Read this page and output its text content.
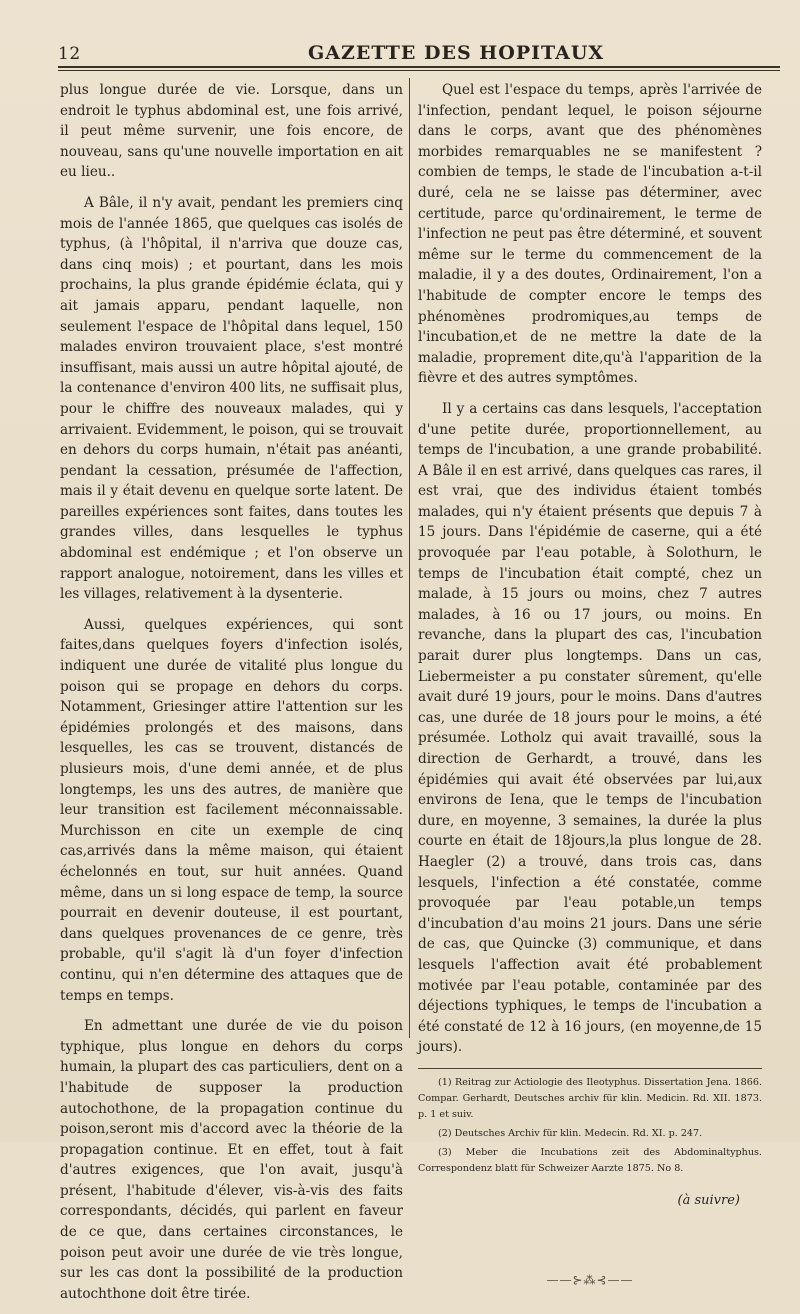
12	GAZETTE DES HOPITAUX

plus longue durée de vie. Lorsque, dans un endroit le typhus abdominal est, une fois arrivé, il peut même survenir, une fois encore, de nouveau, sans qu'une nouvelle importation en ait eu lieu..

A Bâle, il n'y avait, pendant les premiers cinq mois de l'année 1865, que quelques cas isolés de typhus, (à l'hôpital, il n'arriva que douze cas, dans cinq mois) ; et pourtant, dans les mois prochains, la plus grande épidémie éclata, qui y ait jamais apparu, pendant laquelle, non seulement l'espace de l'hôpital dans lequel, 150 malades environ trouvaient place, s'est montré insuffisant, mais aussi un autre hôpital ajouté, de la contenance d'environ 400 lits, ne suffisait plus, pour le chiffre des nouveaux malades, qui y arrivaient. Evidemment, le poison, qui se trouvait en dehors du corps humain, n'était pas anéanti, pendant la cessation, présumée de l'affection, mais il y était devenu en quelque sorte latent. De pareilles expériences sont faites, dans toutes les grandes villes, dans lesquelles le typhus abdominal est endémique ; et l'on observe un rapport analogue, notoirement, dans les villes et les villages, relativement à la dysenterie.

Aussi, quelques expériences, qui sont faites,dans quelques foyers d'infection isolés, indiquent une durée de vitalité plus longue du poison qui se propage en dehors du corps. Notamment, Griesinger attire l'attention sur les épidémies prolongés et des maisons, dans lesquelles, les cas se trouvent, distancés de plusieurs mois, d'une demi année, et de plus longtemps, les uns des autres, de manière que leur transition est facilement méconnaissable. Murchisson en cite un exemple de cinq cas,arrivés dans la même maison, qui étaient échelonnés en tout, sur huit années. Quand même, dans un si long espace de temp, la source pourrait en devenir douteuse, il est pourtant, dans quelques provenances de ce genre, très probable, qu'il s'agit là d'un foyer d'infection continu, qui n'en détermine des attaques que de temps en temps.

En admettant une durée de vie du poison typhique, plus longue en dehors du corps humain, la plupart des cas particuliers, dent on a l'habitude de supposer la production autochothone, de la propagation continue du poison,seront mis d'accord avec la théorie de la propagation continue. Et en effet, tout à fait d'autres exigences, que l'on avait, jusqu'à présent, l'habitude d'élever, vis-à-vis des faits correspondants, décidés, qui parlent en faveur de ce que, dans certaines circonstances, le poison peut avoir une durée de vie très longue, sur les cas dont la possibilité de la production autochthone doit être tirée.

Quel est l'espace du temps, après l'arrivée de l'infection, pendant lequel, le poison séjourne dans le corps, avant que des phénomènes morbides remarquables ne se manifestent ? combien de temps, le stade de l'incubation a-t-il duré, cela ne se laisse pas déterminer, avec certitude, parce qu'ordinairement, le terme de l'infection ne peut pas être déterminé, et souvent même sur le terme du commencement de la maladie, il y a des doutes, Ordinairement, l'on a l'habitude de compter encore le temps des phénomènes prodromiques,au temps de l'incubation,et de ne mettre la date de la maladie, proprement dite,qu'à l'apparition de la fièvre et des autres symptômes.

Il y a certains cas dans lesquels, l'acceptation d'une petite durée, proportionnellement, au temps de l'incubation, a une grande probabilité. A Bâle il en est arrivé, dans quelques cas rares, il est vrai, que des individus étaient tombés malades, qui n'y étaient présents que depuis 7 à 15 jours. Dans l'épidémie de caserne, qui a été provoquée par l'eau potable, à Solothurn, le temps de l'incubation était compté, chez un malade, à 15 jours ou moins, chez 7 autres malades, à 16 ou 17 jours, ou moins. En revanche, dans la plupart des cas, l'incubation parait durer plus longtemps. Dans un cas, Liebermeister a pu constater sûrement, qu'elle avait duré 19 jours, pour le moins. Dans d'autres cas, une durée de 18 jours pour le moins, a été présumée. Lotholz qui avait travaillé, sous la direction de Gerhardt, a trouvé, dans les épidémies qui avait été observées par lui,aux environs de Iena, que le temps de l'incubation dure, en moyenne, 3 semaines, la durée la plus courte en était de 18jours,la plus longue de 28. Haegler (2) a trouvé, dans trois cas, dans lesquels, l'infection a été constatée, comme provoquée par l'eau potable,un temps d'incubation d'au moins 21 jours. Dans une série de cas, que Quincke (3) communique, et dans lesquels l'affection avait été probablement motivée par l'eau potable, contaminée par des déjections typhiques, le temps de l'incubation a été constaté de 12 à 16 jours, (en moyenne,de 15 jours).

(1) Reitrag zur Actiologie des Ileotyphus. Dissertation Jena. 1866. Compar. Gerhardt, Deutsches archiv für klin. Medicin. Rd. XII. 1873. p. 1 et suiv.

(2) Deutsches Archiv für klin. Medecin. Rd. XI. p. 247.

(3) Meber die Incubations zeit des Abdominaltyphus. Correspondenz blatt für Schweizer Aarzte 1875. No 8.

(à suivre)
——⊱⁂⊰——
